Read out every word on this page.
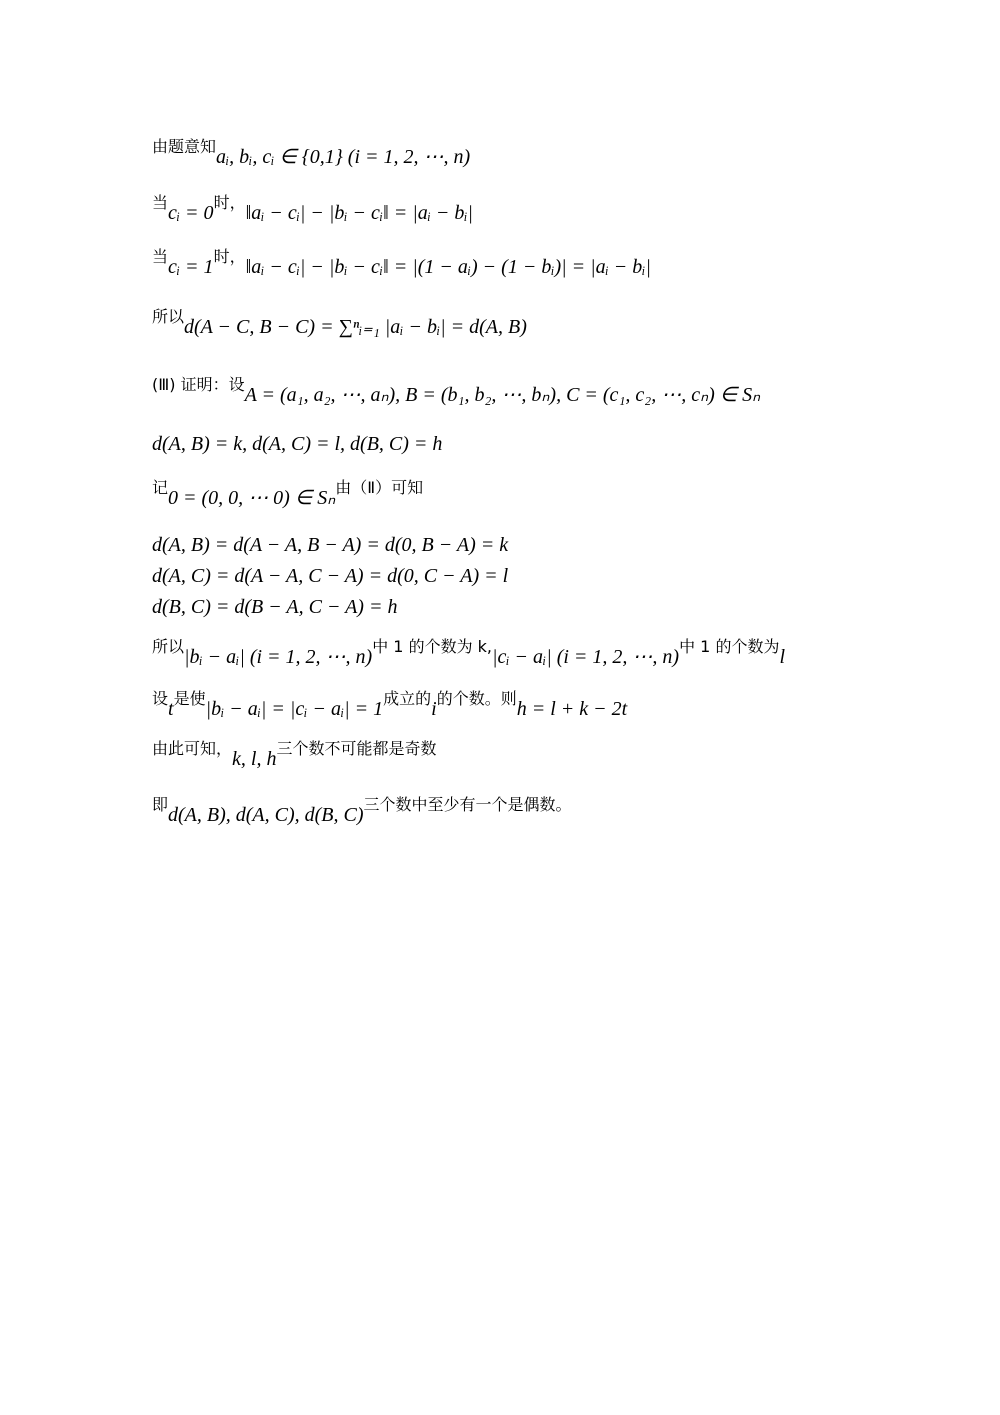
由题意知 aᵢ, bᵢ, cᵢ ∈ {0,1} (i = 1, 2, ⋯, n)
当 cᵢ = 0 时， ‖aᵢ − cᵢ| − |bᵢ − cᵢ‖ = |aᵢ − bᵢ|
当 cᵢ = 1 时， ‖aᵢ − cᵢ| − |bᵢ − cᵢ‖ = |(1 − aᵢ) − (1 − bᵢ)| = |aᵢ − bᵢ|
所以 d(A − C, B − C) = ∑ⁿᵢ₌₁ |aᵢ − bᵢ| = d(A, B)
(Ⅲ) 证明：设 A = (a₁, a₂, ⋯, aₙ), B = (b₁, b₂, ⋯, bₙ), C = (c₁, c₂, ⋯, cₙ) ∈ Sₙ
d(A, B) = k, d(A, C) = l, d(B, C) = h
记 0 = (0, 0, ⋯ 0) ∈ Sₙ 由（Ⅱ）可知
d(A, B) = d(A − A, B − A) = d(0, B − A) = k
d(A, C) = d(A − A, C − A) = d(0, C − A) = l
d(B, C) = d(B − A, C − A) = h
所以 |bᵢ − aᵢ| (i = 1, 2, ⋯, n) 中 1 的个数为 k, |cᵢ − aᵢ| (i = 1, 2, ⋯, n) 中 1 的个数为 l
设 t 是使 |bᵢ − aᵢ| = |cᵢ − aᵢ| = 1 成立的 i 的个数。则 h = l + k − 2t
由此可知， k, l, h 三个数不可能都是奇数
即 d(A, B), d(A, C), d(B, C) 三个数中至少有一个是偶数。
